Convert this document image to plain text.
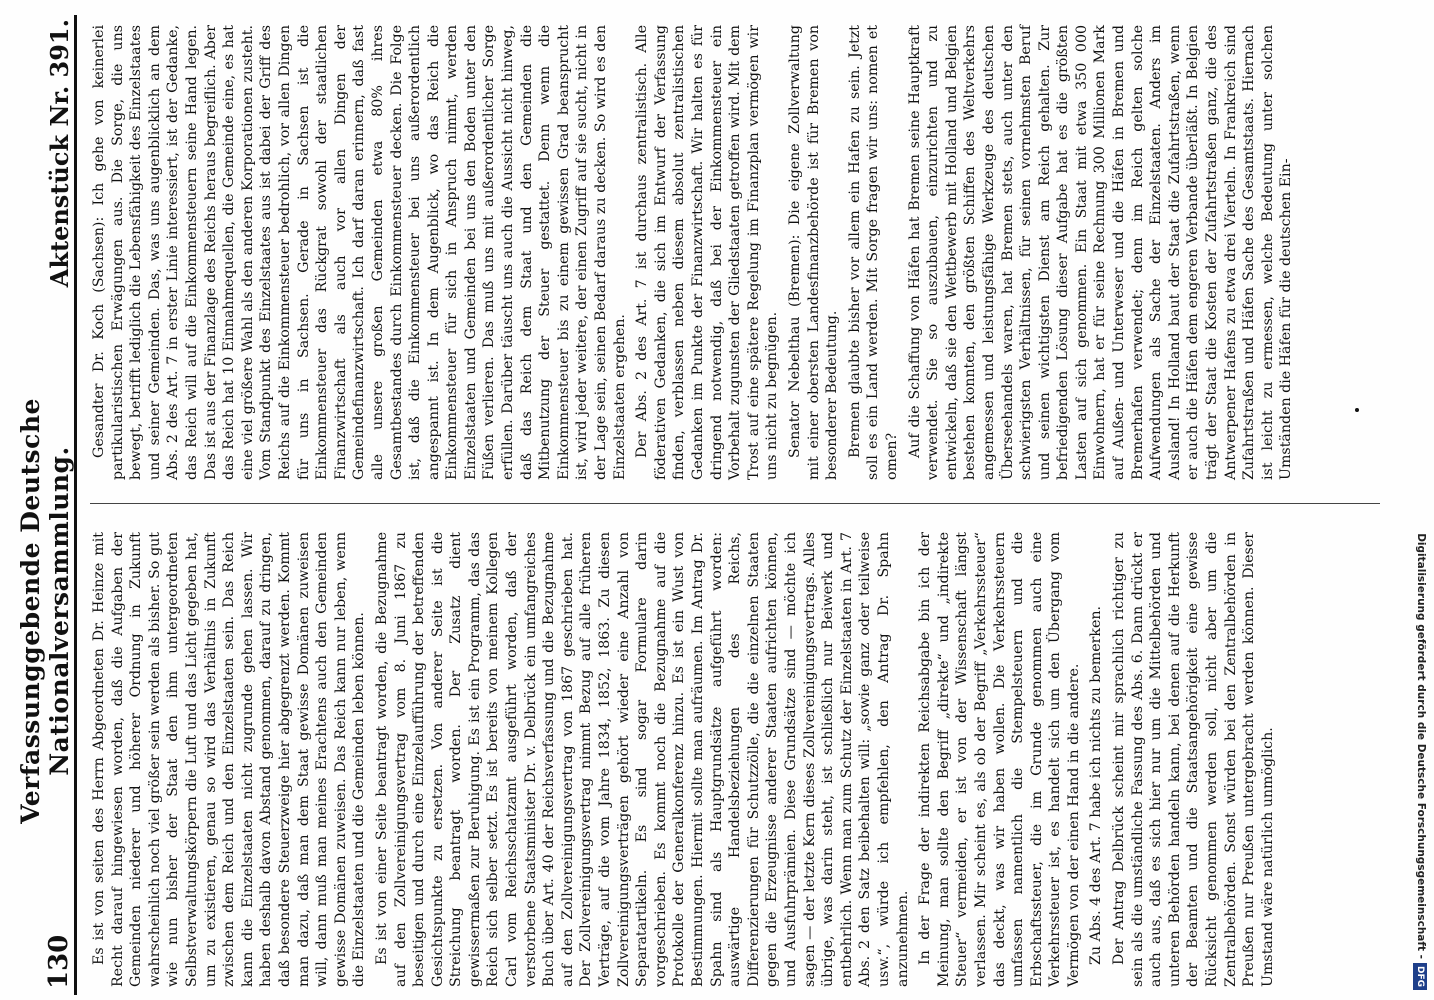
130
Verfassunggebende Deutsche Nationalversammlung.
Aktenstück Nr. 391.

Es ist von seiten des Herrn Abgeordneten Dr. Heinze mit Recht darauf hingewiesen worden, daß die Aufgaben der Gemeinden niederer und höherer Ordnung in Zukunft wahrscheinlich noch viel größer sein werden als bisher. So gut wie nun bisher der Staat den ihm untergeordneten Selbstverwaltungskörpern die Luft und das Licht gegeben hat, um zu existieren, genau so wird das Verhältnis in Zukunft zwischen dem Reich und den Einzelstaaten sein. Das Reich kann die Einzelstaaten nicht zugrunde gehen lassen. Wir haben deshalb davon Abstand genommen, darauf zu dringen, daß besondere Steuerzweige hier abgegrenzt werden. Kommt man dazu, daß man dem Staat gewisse Domänen zuweisen will, dann muß man meines Erachtens auch den Gemeinden gewisse Domänen zuweisen. Das Reich kann nur leben, wenn die Einzelstaaten und die Gemeinden leben können. Es ist von einer Seite beantragt worden, die Bezugnahme auf den Zollvereinigungsvertrag vom 8. Juni 1867 zu beseitigen und durch eine Einzelaufführung der betreffenden Gesichtspunkte zu ersetzen. Von anderer Seite ist die Streichung beantragt worden. Der Zusatz dient gewissermaßen zur Beruhigung. Es ist ein Programm, das das Reich sich selber setzt. Es ist bereits von meinem Kollegen Carl vom Reichsschatzamt ausgeführt worden, daß der verstorbene Staatsminister Dr. v. Delbrück ein umfangreiches Buch über Art. 40 der Reichsverfassung und die Bezugnahme auf den Zollvereinigungsvertrag von 1867 geschrieben hat. Der Zollvereinigungsvertrag nimmt Bezug auf alle früheren Verträge, auf die vom Jahre 1834, 1852, 1863. Zu diesen Zollvereinigungsverträgen gehört wieder eine Anzahl von Separatartikeln. Es sind sogar Formulare darin vorgeschrieben. Es kommt noch die Bezugnahme auf die Protokolle der Generalkonferenz hinzu. Es ist ein Wust von Bestimmungen. Hiermit sollte man aufräumen. Im Antrag Dr. Spahn sind als Hauptgrundsätze aufgeführt worden: auswärtige Handelsbeziehungen des Reichs, Differenzierungen für Schutzzölle, die die einzelnen Staaten gegen die Erzeugnisse anderer Staaten aufrichten können, und Ausfuhrprämien. Diese Grundsätze sind — möchte ich sagen — der letzte Kern dieses Zollvereinigungsvertrags. Alles übrige, was darin steht, ist schließlich nur Beiwerk und entbehrlich. Wenn man zum Schutz der Einzelstaaten in Art. 7 Abs. 2 den Satz beibehalten will: „sowie ganz oder teilweise usw.“, würde ich empfehlen, den Antrag Dr. Spahn anzunehmen. In der Frage der indirekten Reichsabgabe bin ich der Meinung, man sollte den Begriff „direkte“ und „indirekte Steuer“ vermeiden, er ist von der Wissenschaft längst verlassen. Mir scheint es, als ob der Begriff „Verkehrssteuer“ das deckt, was wir haben wollen. Die Verkehrssteuern umfassen namentlich die Stempelsteuern und die Erbschaftssteuer, die im Grunde genommen auch eine Verkehrssteuer ist, es handelt sich um den Übergang vom Vermögen von der einen Hand in die andere. Zu Abs. 4 des Art. 7 habe ich nichts zu bemerken. Der Antrag Delbrück scheint mir sprachlich richtiger zu sein als die umständliche Fassung des Abs. 6. Dann drückt er auch aus, daß es sich hier nur um die Mittelbehörden und unteren Behörden handeln kann, bei denen auf die Herkunft der Beamten und die Staatsangehörigkeit eine gewisse Rücksicht genommen werden soll, nicht aber um die Zentralbehörden. Sonst würden bei den Zentralbehörden in Preußen nur Preußen untergebracht werden können. Dieser Umstand wäre natürlich unmöglich.

Gesandter Dr. Koch (Sachsen): Ich gehe von keinerlei partikularistischen Erwägungen aus. Die Sorge, die uns bewegt, betrifft lediglich die Lebensfähigkeit des Einzelstaates und seiner Gemeinden. Das, was uns augenblicklich an dem Abs. 2 des Art. 7 in erster Linie interessiert, ist der Gedanke, das Reich will auf die Einkommensteuern seine Hand legen. Das ist aus der Finanzlage des Reichs heraus begreiflich. Aber das Reich hat 10 Einnahmequellen, die Gemeinde eine, es hat eine viel größere Wahl als den anderen Korporationen zusteht. Vom Standpunkt des Einzelstaates aus ist dabei der Griff des Reichs auf die Einkommensteuer bedrohlich, vor allen Dingen für uns in Sachsen. Gerade in Sachsen ist die Einkommensteuer das Rückgrat sowohl der staatlichen Finanzwirtschaft als auch vor allen Dingen der Gemeindefinanzwirtschaft. Ich darf daran erinnern, daß fast alle unsere großen Gemeinden etwa 80% ihres Gesamtbestandes durch Einkommensteuer decken. Die Folge ist, daß die Einkommensteuer bei uns außerordentlich angespannt ist. In dem Augenblick, wo das Reich die Einkommensteuer für sich in Anspruch nimmt, werden Einzelstaaten und Gemeinden bei uns den Boden unter den Füßen verlieren. Das muß uns mit außerordentlicher Sorge erfüllen. Darüber täuscht uns auch die Aussicht nicht hinweg, daß das Reich dem Staat und den Gemeinden die Mitbenutzung der Steuer gestattet. Denn wenn die Einkommensteuer bis zu einem gewissen Grad beansprucht ist, wird jeder weitere, der einen Zugriff auf sie sucht, nicht in der Lage sein, seinen Bedarf daraus zu decken. So wird es den Einzelstaaten ergehen. Der Abs. 2 des Art. 7 ist durchaus zentralistisch. Alle föderativen Gedanken, die sich im Entwurf der Verfassung finden, verblassen neben diesem absolut zentralistischen Gedanken im Punkte der Finanzwirtschaft. Wir halten es für dringend notwendig, daß bei der Einkommensteuer ein Vorbehalt zugunsten der Gliedstaaten getroffen wird. Mit dem Trost auf eine spätere Regelung im Finanzplan vermögen wir uns nicht zu begnügen. Senator Nebelthau (Bremen): Die eigene Zollverwaltung mit einer obersten Landesfinanzbehörde ist für Bremen von besonderer Bedeutung. Bremen glaubte bisher vor allem ein Hafen zu sein. Jetzt soll es ein Land werden. Mit Sorge fragen wir uns: nomen et omen? Auf die Schaffung von Häfen hat Bremen seine Hauptkraft verwendet. Sie so auszubauen, einzurichten und zu entwickeln, daß sie den Wettbewerb mit Holland und Belgien bestehen konnten, den größten Schiffen des Weltverkehrs angemessen und leistungsfähige Werkzeuge des deutschen Überseehandels waren, hat Bremen stets, auch unter den schwierigsten Verhältnissen, für seinen vornehmsten Beruf und seinen wichtigsten Dienst am Reich gehalten. Zur befriedigenden Lösung dieser Aufgabe hat es die größten Lasten auf sich genommen. Ein Staat mit etwa 350 000 Einwohnern, hat er für seine Rechnung 300 Millionen Mark auf Außen- und Unterweser und die Häfen in Bremen und Bremerhafen verwendet; denn im Reich gelten solche Aufwendungen als Sache der Einzelstaaten. Anders im Ausland! In Holland baut der Staat die Zufahrtstraßen, wenn er auch die Häfen dem engeren Verbande überläßt. In Belgien trägt der Staat die Kosten der Zufahrtstraßen ganz, die des Antwerpener Hafens zu etwa drei Vierteln. In Frankreich sind Zufahrtstraßen und Häfen Sache des Gesamtstaats. Hiernach ist leicht zu ermessen, welche Bedeutung unter solchen Umständen die Häfen für die deutschen Ein-

Digitalisierung gefördert durch die Deutsche Forschungsgemeinschaft -DFG
